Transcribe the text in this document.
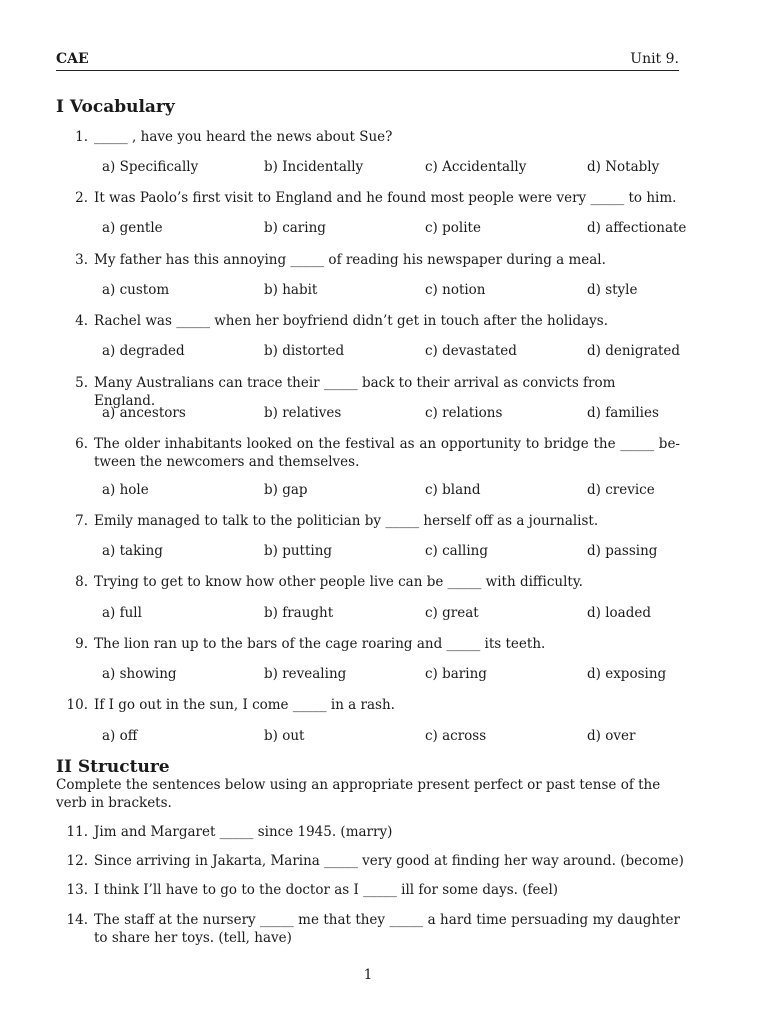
CAE	Unit 9.
I Vocabulary
1. _____ , have you heard the news about Sue?
a) Specifically	b) Incidentally	c) Accidentally	d) Notably
2. It was Paolo’s first visit to England and he found most people were very _____ to him.
a) gentle	b) caring	c) polite	d) affectionate
3. My father has this annoying _____ of reading his newspaper during a meal.
a) custom	b) habit	c) notion	d) style
4. Rachel was _____ when her boyfriend didn’t get in touch after the holidays.
a) degraded	b) distorted	c) devastated	d) denigrated
5. Many Australians can trace their _____ back to their arrival as convicts from England.
a) ancestors	b) relatives	c) relations	d) families
6. The older inhabitants looked on the festival as an opportunity to bridge the _____ be- tween the newcomers and themselves.
a) hole	b) gap	c) bland	d) crevice
7. Emily managed to talk to the politician by _____ herself off as a journalist.
a) taking	b) putting	c) calling	d) passing
8. Trying to get to know how other people live can be _____ with difficulty.
a) full	b) fraught	c) great	d) loaded
9. The lion ran up to the bars of the cage roaring and _____ its teeth.
a) showing	b) revealing	c) baring	d) exposing
10. If I go out in the sun, I come _____ in a rash.
a) off	b) out	c) across	d) over
II Structure
Complete the sentences below using an appropriate present perfect or past tense of the verb in brackets.
11. Jim and Margaret _____ since 1945. (marry)
12. Since arriving in Jakarta, Marina _____ very good at finding her way around. (become)
13. I think I’ll have to go to the doctor as I _____ ill for some days. (feel)
14. The staff at the nursery _____ me that they _____ a hard time persuading my daughter to share her toys. (tell, have)
1
